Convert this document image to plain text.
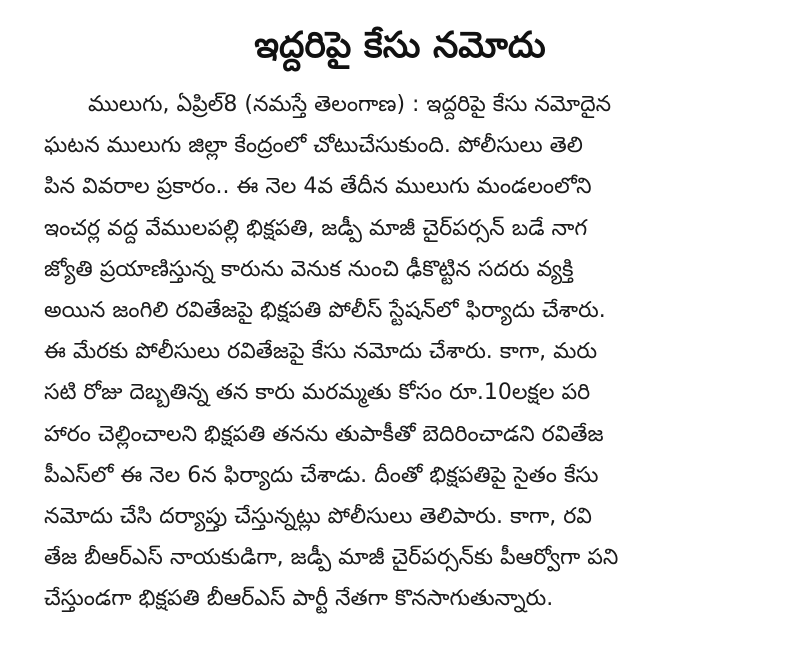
ఇద్దరిపై కేసు నమోదు
ములుగు, ఏప్రిల్8 (నమస్తే తెలంగాణ) : ఇద్దరిపై కేసు నమోదైన
ఘటన ములుగు జిల్లా కేంద్రంలో చోటుచేసుకుంది. పోలీసులు తెలి
పిన వివరాల ప్రకారం.. ఈ నెల 4వ తేదీన ములుగు మండలంలోని
ఇంచర్ల వద్ద వేములపల్లి భిక్షపతి, జడ్పీ మాజీ చైర్‌పర్సన్ బడే నాగ
జ్యోతి ప్రయాణిస్తున్న కారును వెనుక నుంచి ఢీకొట్టిన సదరు వ్యక్తి
అయిన జంగిలి రవితేజపై భిక్షపతి పోలీస్ స్టేషన్‌లో ఫిర్యాదు చేశారు.
ఈ మేరకు పోలీసులు రవితేజపై కేసు నమోదు చేశారు. కాగా, మరు
సటి రోజు దెబ్బతిన్న తన కారు మరమ్మతు కోసం రూ.10లక్షల పరి
హారం చెల్లించాలని భిక్షపతి తనను తుపాకీతో బెదిరించాడని రవితేజ
పీఎస్‌లో ఈ నెల 6న ఫిర్యాదు చేశాడు. దీంతో భిక్షపతిపై సైతం కేసు
నమోదు చేసి దర్యాప్తు చేస్తున్నట్లు పోలీసులు తెలిపారు. కాగా, రవి
తేజ బీఆర్‌ఎస్ నాయకుడిగా, జడ్పీ మాజీ చైర్‌పర్సన్‌కు పీఆర్వోగా పని
చేస్తుండగా భిక్షపతి బీఆర్‌ఎస్ పార్టీ నేతగా కొనసాగుతున్నారు.
